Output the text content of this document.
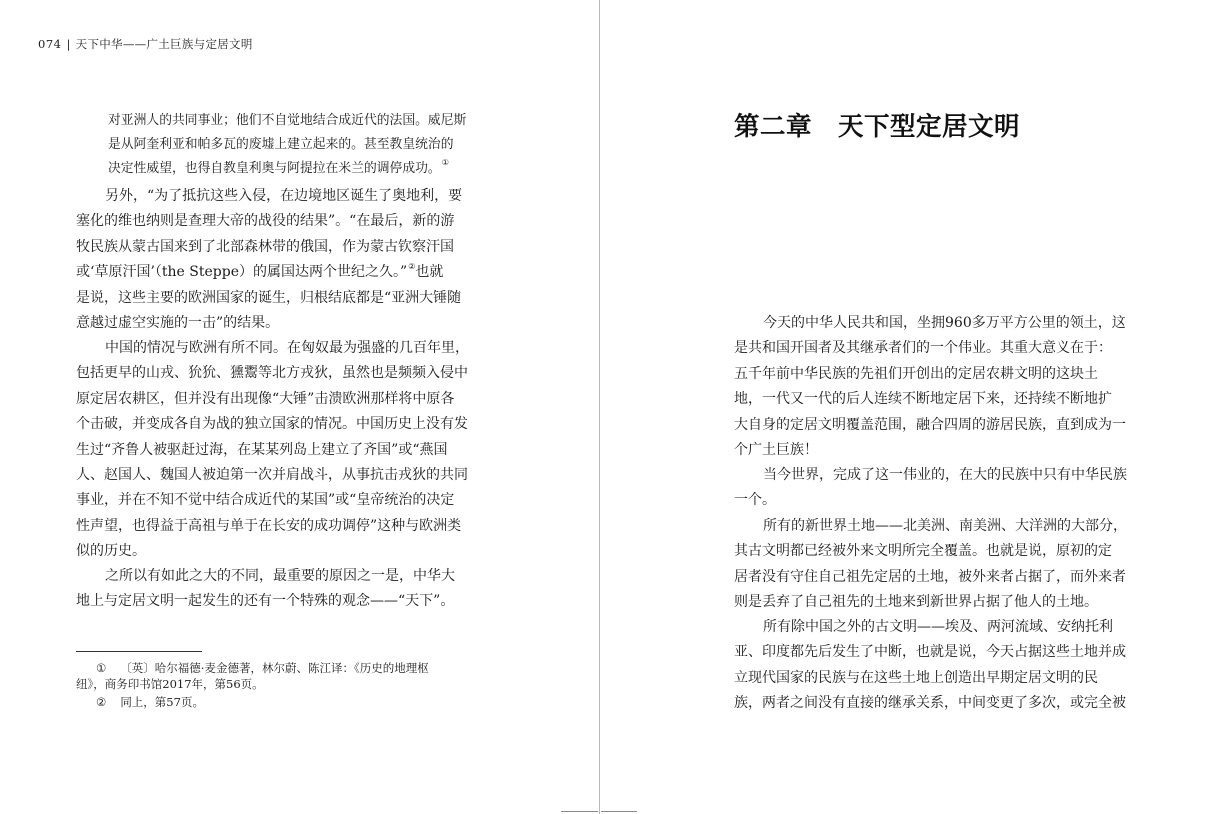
074 | 天下中华——广土巨族与定居文明
对亚洲人的共同事业；他们不自觉地结合成近代的法国。威尼斯
是从阿奎利亚和帕多瓦的废墟上建立起来的。甚至教皇统治的
决定性威望，也得自教皇利奥与阿提拉在米兰的调停成功。①
另外，“为了抵抗这些入侵，在边境地区诞生了奥地利，要
塞化的维也纳则是查理大帝的战役的结果”。“在最后，新的游
牧民族从蒙古国来到了北部森林带的俄国，作为蒙古钦察汗国
或‘草原汗国’（the Steppe）的属国达两个世纪之久。”②也就
是说，这些主要的欧洲国家的诞生，归根结底都是“亚洲大锤随
意越过虚空实施的一击”的结果。
中国的情况与欧洲有所不同。在匈奴最为强盛的几百年里，
包括更早的山戎、狁狁、獯鬻等北方戎狄，虽然也是频频入侵中
原定居农耕区，但并没有出现像“大锤”击溃欧洲那样将中原各
个击破，并变成各自为战的独立国家的情况。中国历史上没有发
生过“齐鲁人被驱赶过海，在某某列岛上建立了齐国”或“燕国
人、赵国人、魏国人被迫第一次并肩战斗，从事抗击戎狄的共同
事业，并在不知不觉中结合成近代的某国”或“皇帝统治的决定
性声望，也得益于高祖与单于在长安的成功调停”这种与欧洲类
似的历史。
之所以有如此之大的不同，最重要的原因之一是，中华大
地上与定居文明一起发生的还有一个特殊的观念——“天下”。
① 〔英〕哈尔福德·麦金德著，林尔蔚、陈江译：《历史的地理枢
纽》，商务印书馆2017年，第56页。
② 同上，第57页。
第二章　天下型定居文明
今天的中华人民共和国，坐拥960多万平方公里的领土，这
是共和国开国者及其继承者们的一个伟业。其重大意义在于：
五千年前中华民族的先祖们开创出的定居农耕文明的这块土
地，一代又一代的后人连续不断地定居下来，还持续不断地扩
大自身的定居文明覆盖范围，融合四周的游居民族，直到成为一
个广土巨族！
当今世界，完成了这一伟业的，在大的民族中只有中华民族
一个。
所有的新世界土地——北美洲、南美洲、大洋洲的大部分，
其古文明都已经被外来文明所完全覆盖。也就是说，原初的定
居者没有守住自己祖先定居的土地，被外来者占据了，而外来者
则是丢弃了自己祖先的土地来到新世界占据了他人的土地。
所有除中国之外的古文明——埃及、两河流域、安纳托利
亚、印度都先后发生了中断，也就是说，今天占据这些土地并成
立现代国家的民族与在这些土地上创造出早期定居文明的民
族，两者之间没有直接的继承关系，中间变更了多次，或完全被
